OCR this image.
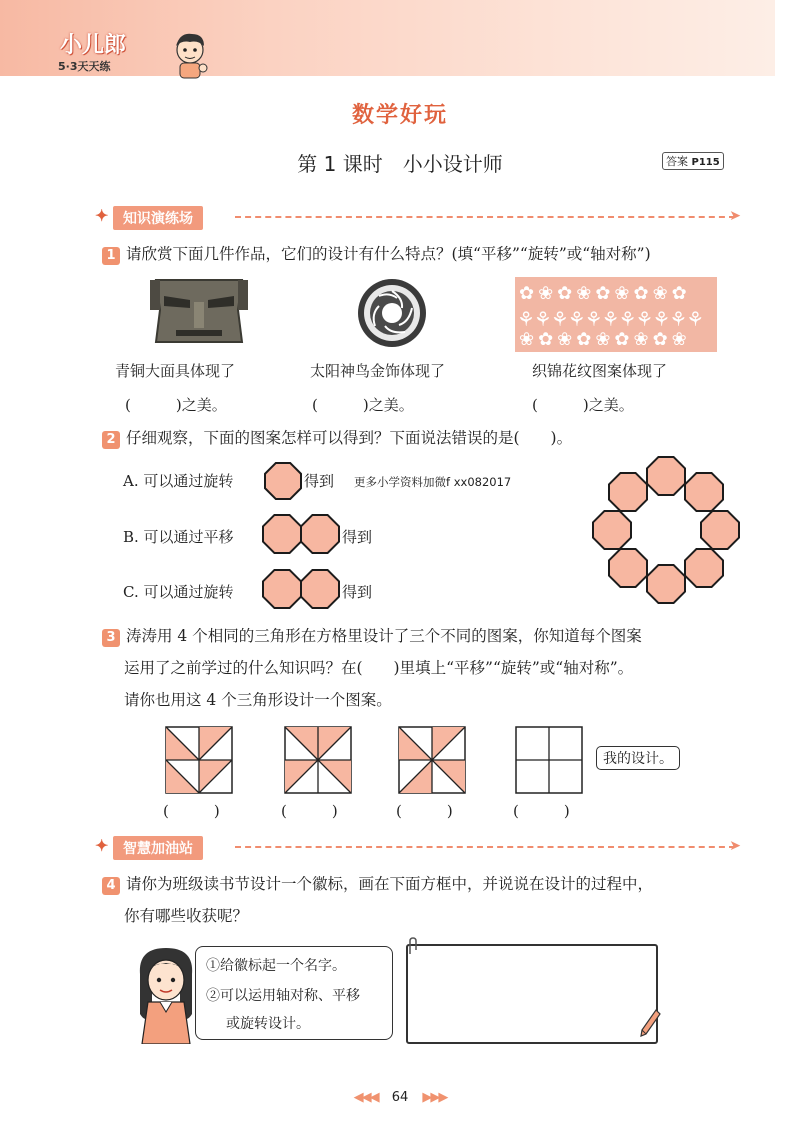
小儿郎
5·3天天练
数学好玩
第 1 课时　小小设计师	答案 P115
✦	知识演练场	➤
1 请欣赏下面几件作品，它们的设计有什么特点？(填“平移”“旋转”或“轴对称”)
✿❀✿❀✿❀✿❀✿
⚘⚘⚘⚘⚘⚘⚘⚘⚘⚘⚘
❀✿❀✿❀✿❀✿❀
青铜大面具体现了	太阳神鸟金饰体现了	织锦花纹图案体现了
(　　　)之美。	(　　　)之美。	(　　　)之美。
2 仔细观察，下面的图案怎样可以得到？下面说法错误的是(　　)。
A. 可以通过旋转	得到 更多小学资料加微f xx082017
B. 可以通过平移	得到
C. 可以通过旋转	得到
3 涛涛用 4 个相同的三角形在方格里设计了三个不同的图案，你知道每个图案
运用了之前学过的什么知识吗？在(　　)里填上“平移”“旋转”或“轴对称”。
请你也用这 4 个三角形设计一个图案。
我的设计。
(　　　)	(　　　)	(　　　)	(　　　)
✦	智慧加油站	➤
4 请你为班级读书节设计一个徽标，画在下面方框中，并说说在设计的过程中，
你有哪些收获呢？
①给徽标起一个名字。
②可以运用轴对称、平移
或旋转设计。
◀◀◀ 64 ▶▶▶
